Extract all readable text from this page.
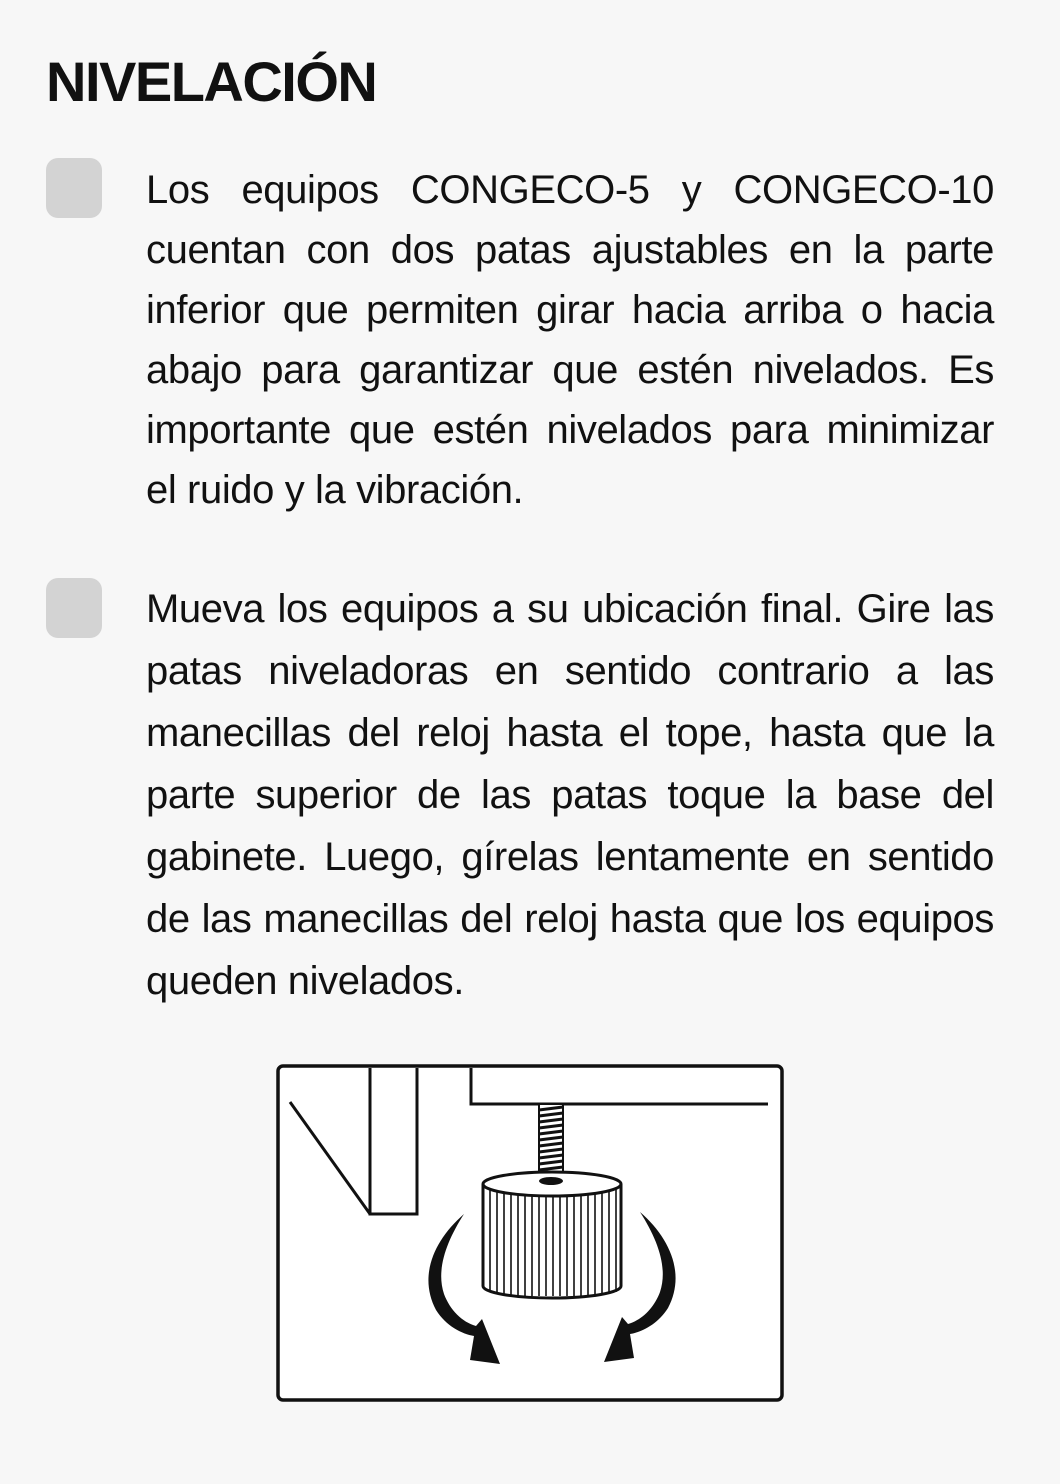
NIVELACIÓN

Los equipos CONGECO-5 y CONGECO-10 cuentan con dos patas ajustables en la parte inferior que permiten girar hacia arriba o hacia abajo para garantizar que estén nivelados. Es importante que estén nivelados para minimizar el ruido y la vibración.

Mueva los equipos a su ubicación final. Gire las patas niveladoras en sentido contrario a las manecillas del reloj hasta el tope, hasta que la parte superior de las patas toque la base del gabinete. Luego, gírelas lentamente en sentido de las manecillas del reloj hasta que los equipos queden nivelados.
